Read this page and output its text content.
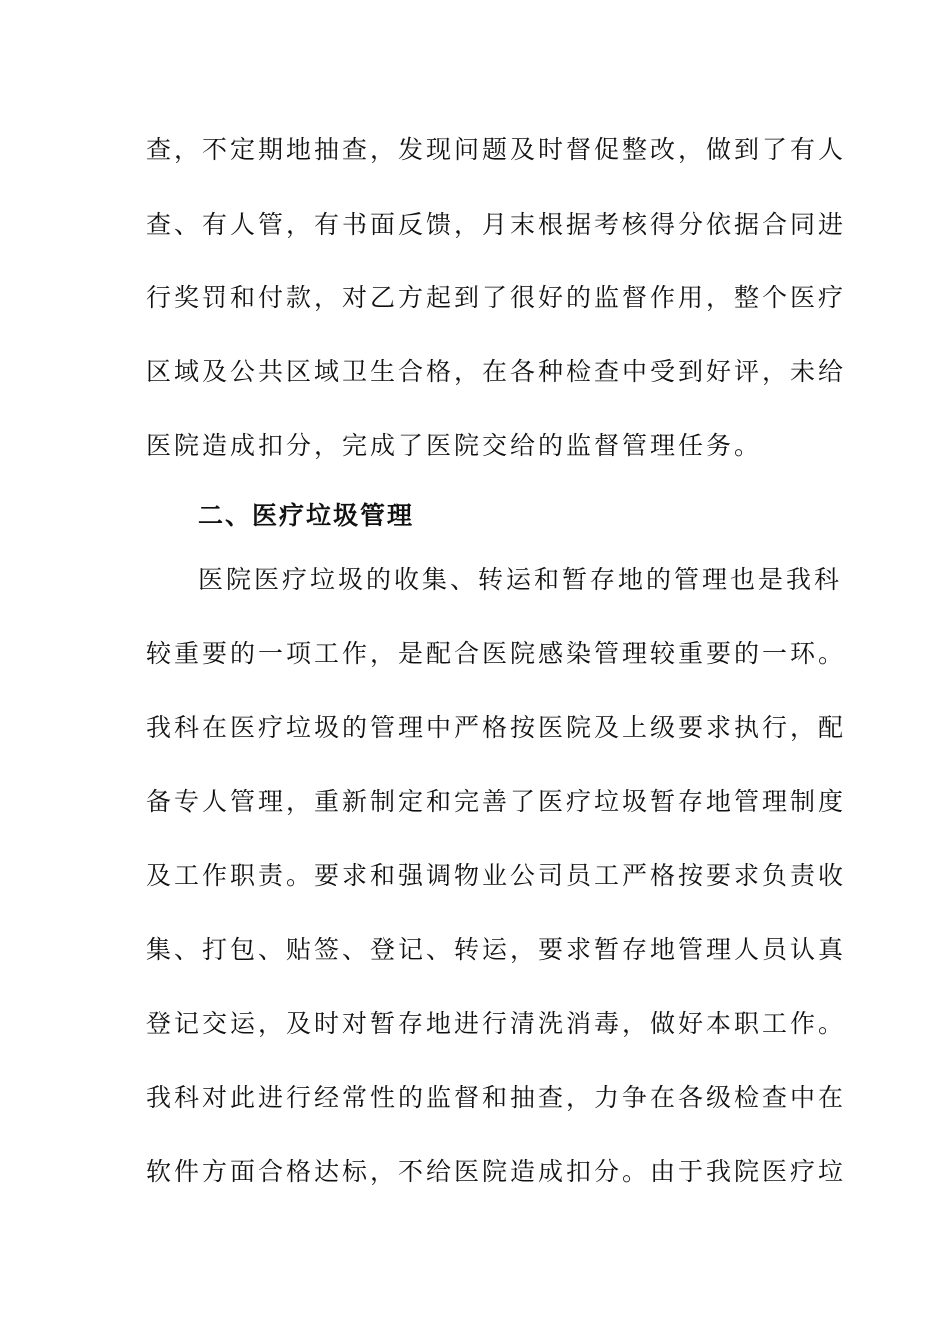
查，不定期地抽查，发现问题及时督促整改，做到了有人
查、有人管，有书面反馈，月末根据考核得分依据合同进
行奖罚和付款，对乙方起到了很好的监督作用，整个医疗
区域及公共区域卫生合格，在各种检查中受到好评，未给
医院造成扣分，完成了医院交给的监督管理任务。
二、医疗垃圾管理
医院医疗垃圾的收集、转运和暂存地的管理也是我科
较重要的一项工作，是配合医院感染管理较重要的一环。
我科在医疗垃圾的管理中严格按医院及上级要求执行，配
备专人管理，重新制定和完善了医疗垃圾暂存地管理制度
及工作职责。要求和强调物业公司员工严格按要求负责收
集、打包、贴签、登记、转运，要求暂存地管理人员认真
登记交运，及时对暂存地进行清洗消毒，做好本职工作。
我科对此进行经常性的监督和抽查，力争在各级检查中在
软件方面合格达标，不给医院造成扣分。由于我院医疗垃
